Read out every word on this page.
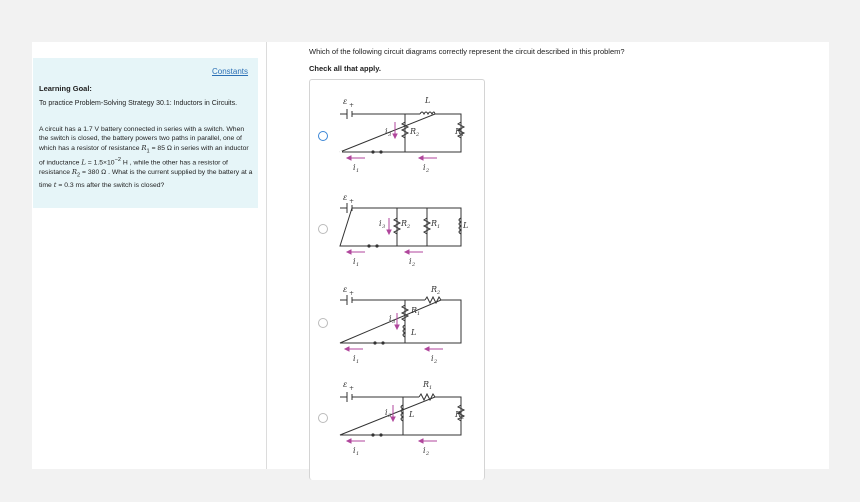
Constants
Learning Goal:
To practice Problem-Solving Strategy 30.1: Inductors in Circuits.
A circuit has a 1.7 V battery connected in series with a switch. When the switch is closed, the battery powers two paths in parallel, one of which has a resistor of resistance $R_1 = 85$ Ω in series with an inductor of inductance $L = 1.5\times 10^{-2}$ H , while the other has a resistor of resistance $R_2 = 380$ Ω . What is the current supplied by the battery at a time t = 0.3 ms after the switch is closed?
Which of the following circuit diagrams correctly represent the circuit described in this problem?
Check all that apply.
ε +
L
R 2	R 1
i 3
i 1	i 2
ε +
i 3 R 2	R 1	L
i 1	i 2
ε +	R 2
R 1
L
i 3
i 1	i 2
ε +	R 1
L
i 3	R 2
i 1	i 2
